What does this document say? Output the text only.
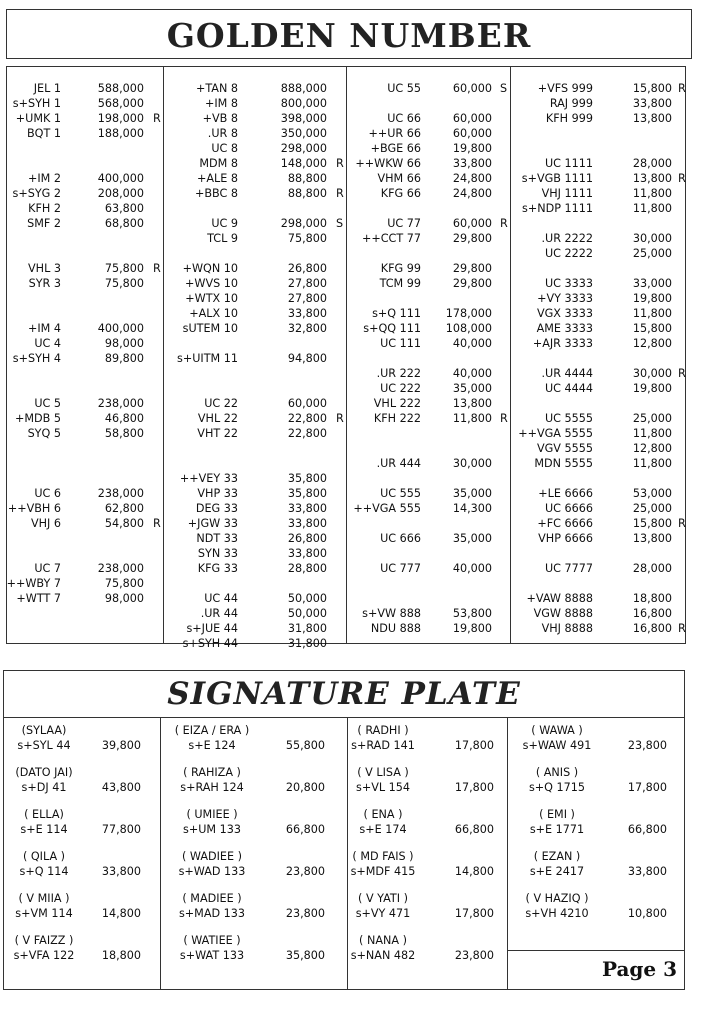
GOLDEN NUMBER
JEL 1	588,000
s+SYH 1	568,000
+UMK 1	198,000 R
BQT 1	188,000
+IM 2	400,000
s+SYG 2	208,000
KFH 2	63,800
SMF 2	68,800
VHL 3	75,800 R
SYR 3	75,800
+IM 4	400,000
UC 4	98,000
s+SYH 4	89,800
UC 5	238,000
+MDB 5	46,800
SYQ 5	58,800
UC 6	238,000
++VBH 6	62,800
VHJ 6	54,800 R
UC 7	238,000
++WBY 7	75,800
+WTT 7	98,000
+TAN 8	888,000
+IM 8	800,000
+VB 8	398,000
.UR 8	350,000
UC 8	298,000
MDM 8	148,000 R
+ALE 8	88,800
+BBC 8	88,800 R
UC 9	298,000 S
TCL 9	75,800
+WQN 10	26,800
+WVS 10	27,800
+WTX 10	27,800
+ALX 10	33,800
sUTEM 10	32,800
s+UITM 11	94,800
UC 22	60,000
VHL 22	22,800 R
VHT 22	22,800
++VEY 33	35,800
VHP 33	35,800
DEG 33	33,800
+JGW 33	33,800
NDT 33	26,800
SYN 33	33,800
KFG 33	28,800
UC 44	50,000
.UR 44	50,000
s+JUE 44	31,800
s+SYH 44	31,800
UC 55	60,000 S
UC 66	60,000
++UR 66	60,000
+BGE 66	19,800
++WKW 66	33,800
VHM 66	24,800
KFG 66	24,800
UC 77	60,000 R
++CCT 77	29,800
KFG 99	29,800
TCM 99	29,800
s+Q 111	178,000
s+QQ 111	108,000
UC 111	40,000
.UR 222	40,000
UC 222	35,000
VHL 222	13,800
KFH 222	11,800 R
.UR 444	30,000
UC 555	35,000
++VGA 555	14,300
UC 666	35,000
UC 777	40,000
s+VW 888	53,800
NDU 888	19,800
+VFS 999	15,800 R
RAJ 999	33,800
KFH 999	13,800
UC 1111	28,000
s+VGB 1111	13,800 R
VHJ 1111	11,800
s+NDP 1111	11,800
.UR 2222	30,000
UC 2222	25,000
UC 3333	33,000
+VY 3333	19,800
VGX 3333	11,800
AME 3333	15,800
+AJR 3333	12,800
.UR 4444	30,000 R
UC 4444	19,800
UC 5555	25,000
++VGA 5555	11,800
VGV 5555	12,800
MDN 5555	11,800
+LE 6666	53,000
UC 6666	25,000
+FC 6666	15,800 R
VHP 6666	13,800
UC 7777	28,000
+VAW 8888	18,800
VGW 8888	16,800
VHJ 8888	16,800 R
SIGNATURE PLATE
Page 3
(SYLAA)
s+SYL 44	39,800
(DATO JAI)
s+DJ 41	43,800
( ELLA)
s+E 114	77,800
( QILA )
s+Q 114	33,800
( V MIIA )
s+VM 114	14,800
( V FAIZZ )
s+VFA 122	18,800
( EIZA / ERA )
s+E 124	55,800
( RAHIZA )
s+RAH 124	20,800
( UMIEE )
s+UM 133	66,800
( WADIEE )
s+WAD 133	23,800
( MADIEE )
s+MAD 133	23,800
( WATIEE )
s+WAT 133	35,800
( RADHI )
s+RAD 141	17,800
( V LISA )
s+VL 154	17,800
( ENA )
s+E 174	66,800
( MD FAIS )
s+MDF 415	14,800
( V YATI )
s+VY 471	17,800
( NANA )
s+NAN 482	23,800
( WAWA )
s+WAW 491	23,800
( ANIS )
s+Q 1715	17,800
( EMI )
s+E 1771	66,800
( EZAN )
s+E 2417	33,800
( V HAZIQ )
s+VH 4210	10,800
